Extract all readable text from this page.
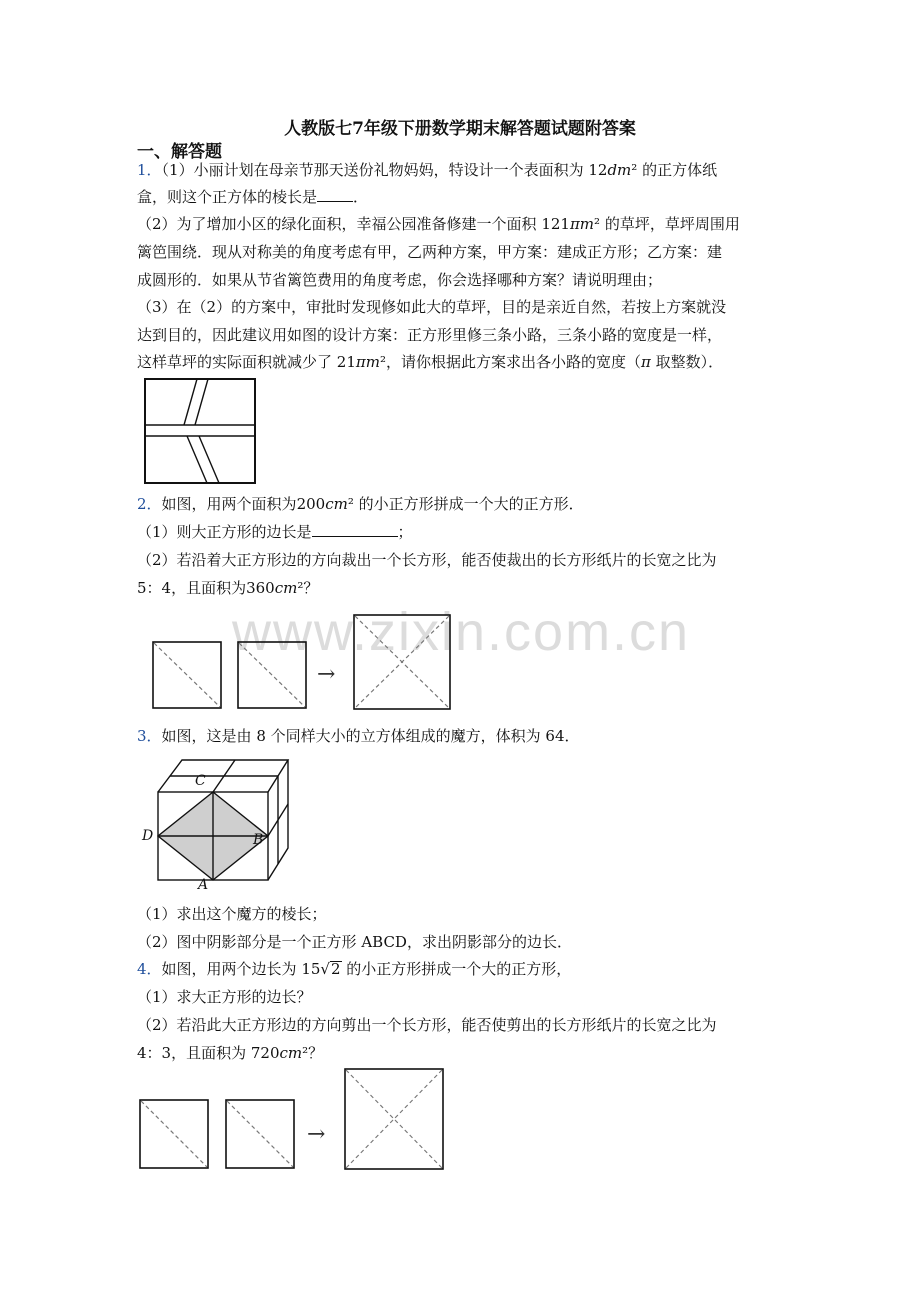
www.zixin.com.cn
人教版七7年级下册数学期末解答题试题附答案
一、解答题
1．（1）小丽计划在母亲节那天送份礼物妈妈，特设计一个表面积为 12dm² 的正方体纸
盒，则这个正方体的棱长是 ．
（2）为了增加小区的绿化面积，幸福公园准备修建一个面积 121πm² 的草坪，草坪周围用
篱笆围绕．现从对称美的角度考虑有甲，乙两种方案，甲方案：建成正方形；乙方案：建
成圆形的．如果从节省篱笆费用的角度考虑，你会选择哪种方案？请说明理由；
（3）在（2）的方案中，审批时发现修如此大的草坪，目的是亲近自然，若按上方案就没
达到目的，因此建议用如图的设计方案：正方形里修三条小路，三条小路的宽度是一样，
这样草坪的实际面积就减少了 21πm²，请你根据此方案求出各小路的宽度（π 取整数）．
2．如图，用两个面积为200cm² 的小正方形拼成一个大的正方形．
（1）则大正方形的边长是	；
（2）若沿着大正方形边的方向裁出一个长方形，能否使裁出的长方形纸片的长宽之比为
5：4，且面积为360cm²？
→
3．如图，这是由 8 个同样大小的立方体组成的魔方，体积为 64．
C
D	B
A
（1）求出这个魔方的棱长；
（2）图中阴影部分是一个正方形 ABCD，求出阴影部分的边长．
4．如图，用两个边长为 15√2 的小正方形拼成一个大的正方形，
（1）求大正方形的边长？
（2）若沿此大正方形边的方向剪出一个长方形，能否使剪出的长方形纸片的长宽之比为
4：3，且面积为 720cm²？
→
